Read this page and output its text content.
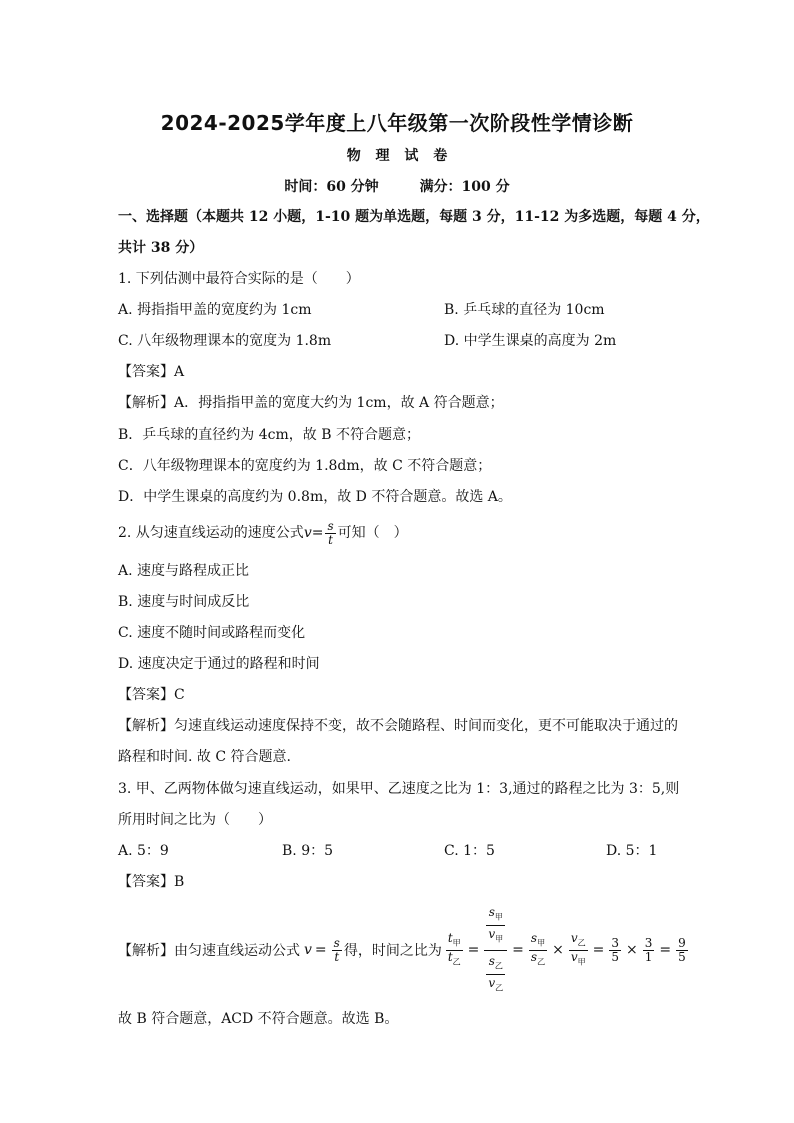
2024-2025学年度上八年级第一次阶段性学情诊断
物 理 试 卷
时间：60 分钟	满分：100 分
一、选择题（本题共 12 小题，1-10 题为单选题，每题 3 分，11-12 为多选题，每题 4 分，
共计 38 分）
1. 下列估测中最符合实际的是（　　）
A. 拇指指甲盖的宽度约为 1cm	B. 乒乓球的直径为 10cm
C. 八年级物理课本的宽度为 1.8m	D. 中学生课桌的高度为 2m
【答案】A
【解析】A．拇指指甲盖的宽度大约为 1cm，故 A 符合题意；
B．乒乓球的直径约为 4cm，故 B 不符合题意；
C．八年级物理课本的宽度约为 1.8dm，故 C 不符合题意；
D．中学生课桌的高度约为 0.8m，故 D 不符合题意。故选 A。
2. 从匀速直线运动的速度公式 $v = \frac{s}{t}$ 可知（　）
A. 速度与路程成正比
B. 速度与时间成反比
C. 速度不随时间或路程而变化
D. 速度决定于通过的路程和时间
【答案】C
【解析】匀速直线运动速度保持不变，故不会随路程、时间而变化，更不可能取决于通过的
路程和时间. 故 C 符合题意.
3. 甲、乙两物体做匀速直线运动，如果甲、乙速度之比为 1：3,通过的路程之比为 3：5,则
所用时间之比为（　　）
A. 5：9	B. 9：5	C. 1：5	D. 5：1
【答案】B
【解析】由匀速直线运动公式 $v = \frac{s}{t}$ 得，时间之比为 $\frac{t_甲}{t_乙} = \frac{\frac{s_甲}{v_甲}}{\frac{s_乙}{v_乙}} = \frac{s_甲}{s_乙} \times \frac{v_乙}{v_甲} = \frac{3}{5} \times \frac{3}{1} = \frac{9}{5}$
故 B 符合题意，ACD 不符合题意。故选 B。
